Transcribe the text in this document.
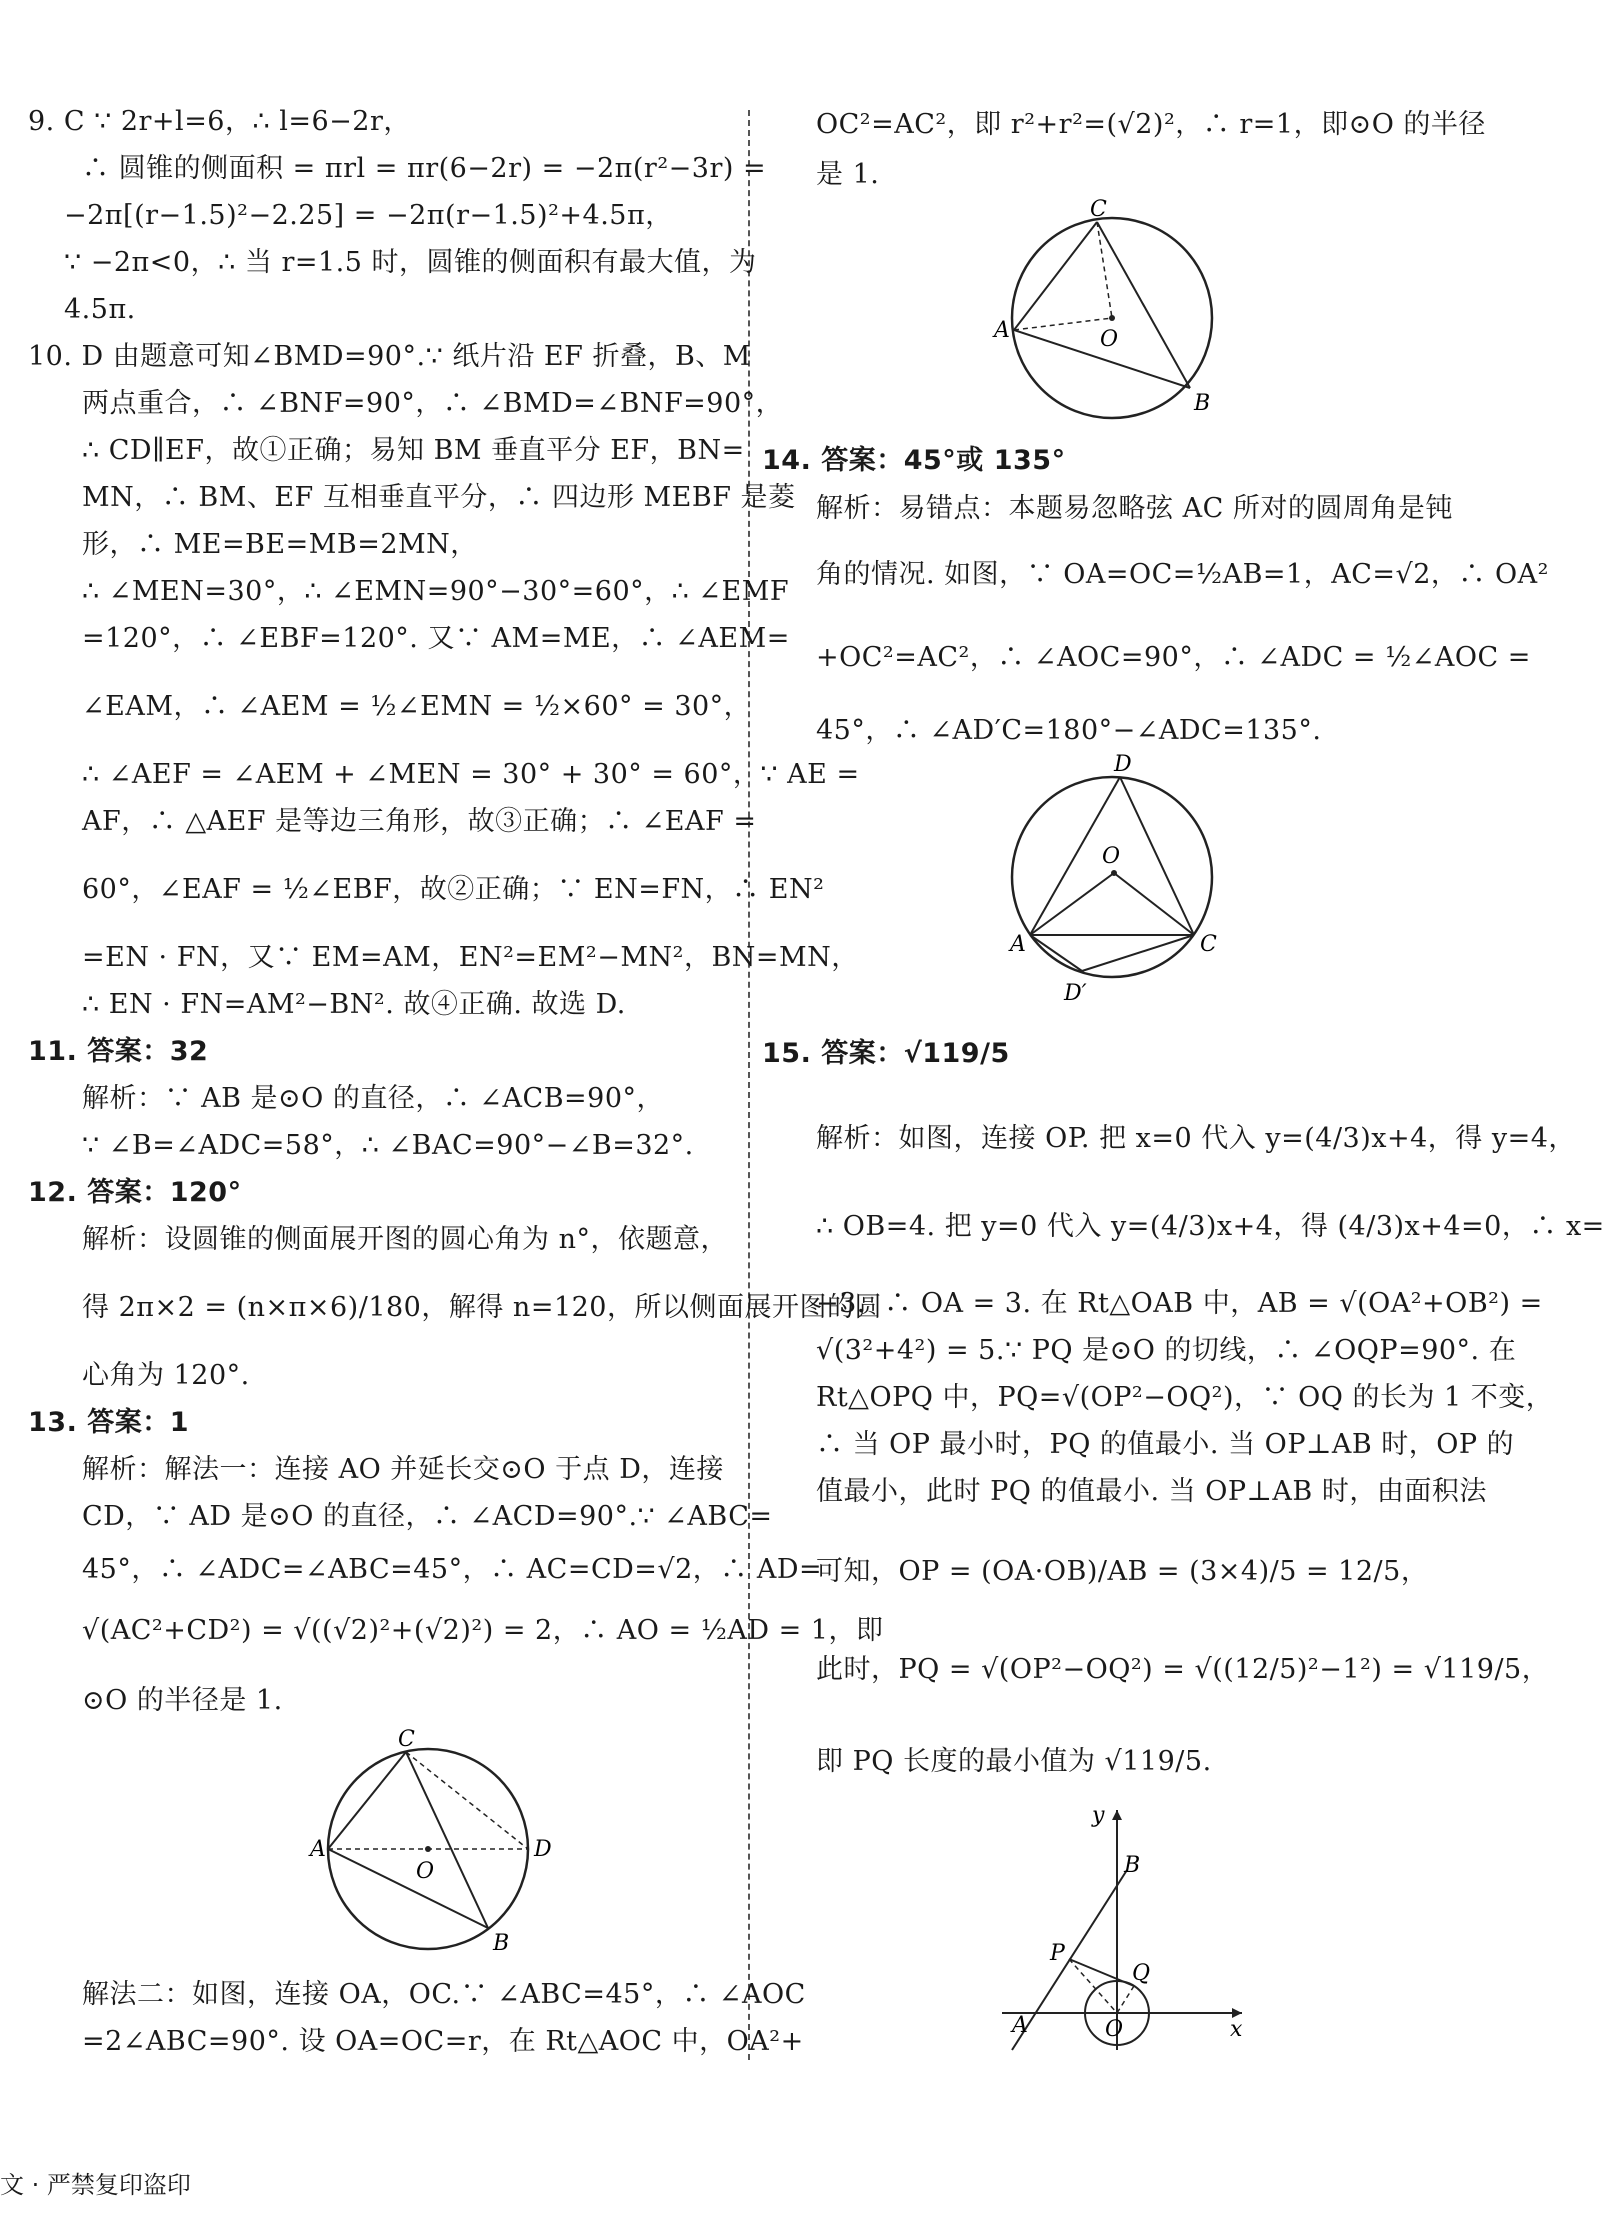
9. C ∵ 2r+l=6，∴ l=6−2r，
∴ 圆锥的侧面积 = πrl = πr(6−2r) = −2π(r²−3r) =
−2π[(r−1.5)²−2.25] = −2π(r−1.5)²+4.5π，
∵ −2π<0，∴ 当 r=1.5 时，圆锥的侧面积有最大值，为
4.5π.
10. D 由题意可知∠BMD=90°.∵ 纸片沿 EF 折叠，B、M
两点重合，∴ ∠BNF=90°，∴ ∠BMD=∠BNF=90°，
∴ CD∥EF，故①正确；易知 BM 垂直平分 EF，BN=
MN，∴ BM、EF 互相垂直平分，∴ 四边形 MEBF 是菱
形，∴ ME=BE=MB=2MN，
∴ ∠MEN=30°，∴ ∠EMN=90°−30°=60°，∴ ∠EMF
=120°，∴ ∠EBF=120°. 又∵ AM=ME，∴ ∠AEM=
∠EAM，∴ ∠AEM = ½∠EMN = ½×60° = 30°，
∴ ∠AEF = ∠AEM + ∠MEN = 30° + 30° = 60°，∵ AE =
AF，∴ △AEF 是等边三角形，故③正确；∴ ∠EAF =
60°，∠EAF = ½∠EBF，故②正确；∵ EN=FN，∴ EN²
=EN · FN，又∵ EM=AM，EN²=EM²−MN²，BN=MN，
∴ EN · FN=AM²−BN². 故④正确. 故选 D.
11. 答案：32
解析：∵ AB 是⊙O 的直径，∴ ∠ACB=90°，
∵ ∠B=∠ADC=58°，∴ ∠BAC=90°−∠B=32°.
12. 答案：120°
解析：设圆锥的侧面展开图的圆心角为 n°，依题意，
得 2π×2 = (n×π×6)/180，解得 n=120，所以侧面展开图的圆
心角为 120°.
13. 答案：1
解析：解法一：连接 AO 并延长交⊙O 于点 D，连接
CD，∵ AD 是⊙O 的直径，∴ ∠ACD=90°.∵ ∠ABC=
45°，∴ ∠ADC=∠ABC=45°，∴ AC=CD=√2，∴ AD=
√(AC²+CD²) = √((√2)²+(√2)²) = 2，∴ AO = ½AD = 1，即
⊙O 的半径是 1.
C
A
O
D
B
解法二：如图，连接 OA，OC.∵ ∠ABC=45°，∴ ∠AOC
=2∠ABC=90°. 设 OA=OC=r，在 Rt△AOC 中，OA²+
OC²=AC²，即 r²+r²=(√2)²，∴ r=1，即⊙O 的半径
是 1.
C
A	O
B
14. 答案：45°或 135°
解析：易错点：本题易忽略弦 AC 所对的圆周角是钝
角的情况. 如图，∵ OA=OC=½AB=1，AC=√2，∴ OA²
+OC²=AC²，∴ ∠AOC=90°，∴ ∠ADC = ½∠AOC =
45°，∴ ∠AD′C=180°−∠ADC=135°.
D
O
A	C
D′
15. 答案：√119/5
解析：如图，连接 OP. 把 x=0 代入 y=(4/3)x+4，得 y=4，
∴ OB=4. 把 y=0 代入 y=(4/3)x+4，得 (4/3)x+4=0，∴ x=
−3，∴ OA = 3. 在 Rt△OAB 中，AB = √(OA²+OB²) =
√(3²+4²) = 5.∵ PQ 是⊙O 的切线，∴ ∠OQP=90°. 在
Rt△OPQ 中，PQ=√(OP²−OQ²)，∵ OQ 的长为 1 不变，
∴ 当 OP 最小时，PQ 的值最小. 当 OP⊥AB 时，OP 的
值最小，此时 PQ 的值最小. 当 OP⊥AB 时，由面积法
可知，OP = (OA·OB)/AB = (3×4)/5 = 12/5，
此时，PQ = √(OP²−OQ²) = √((12/5)²−1²) = √119/5，
即 PQ 长度的最小值为 √119/5.
y
B
P
Q
A	O	x
文 · 严禁复印盗印
